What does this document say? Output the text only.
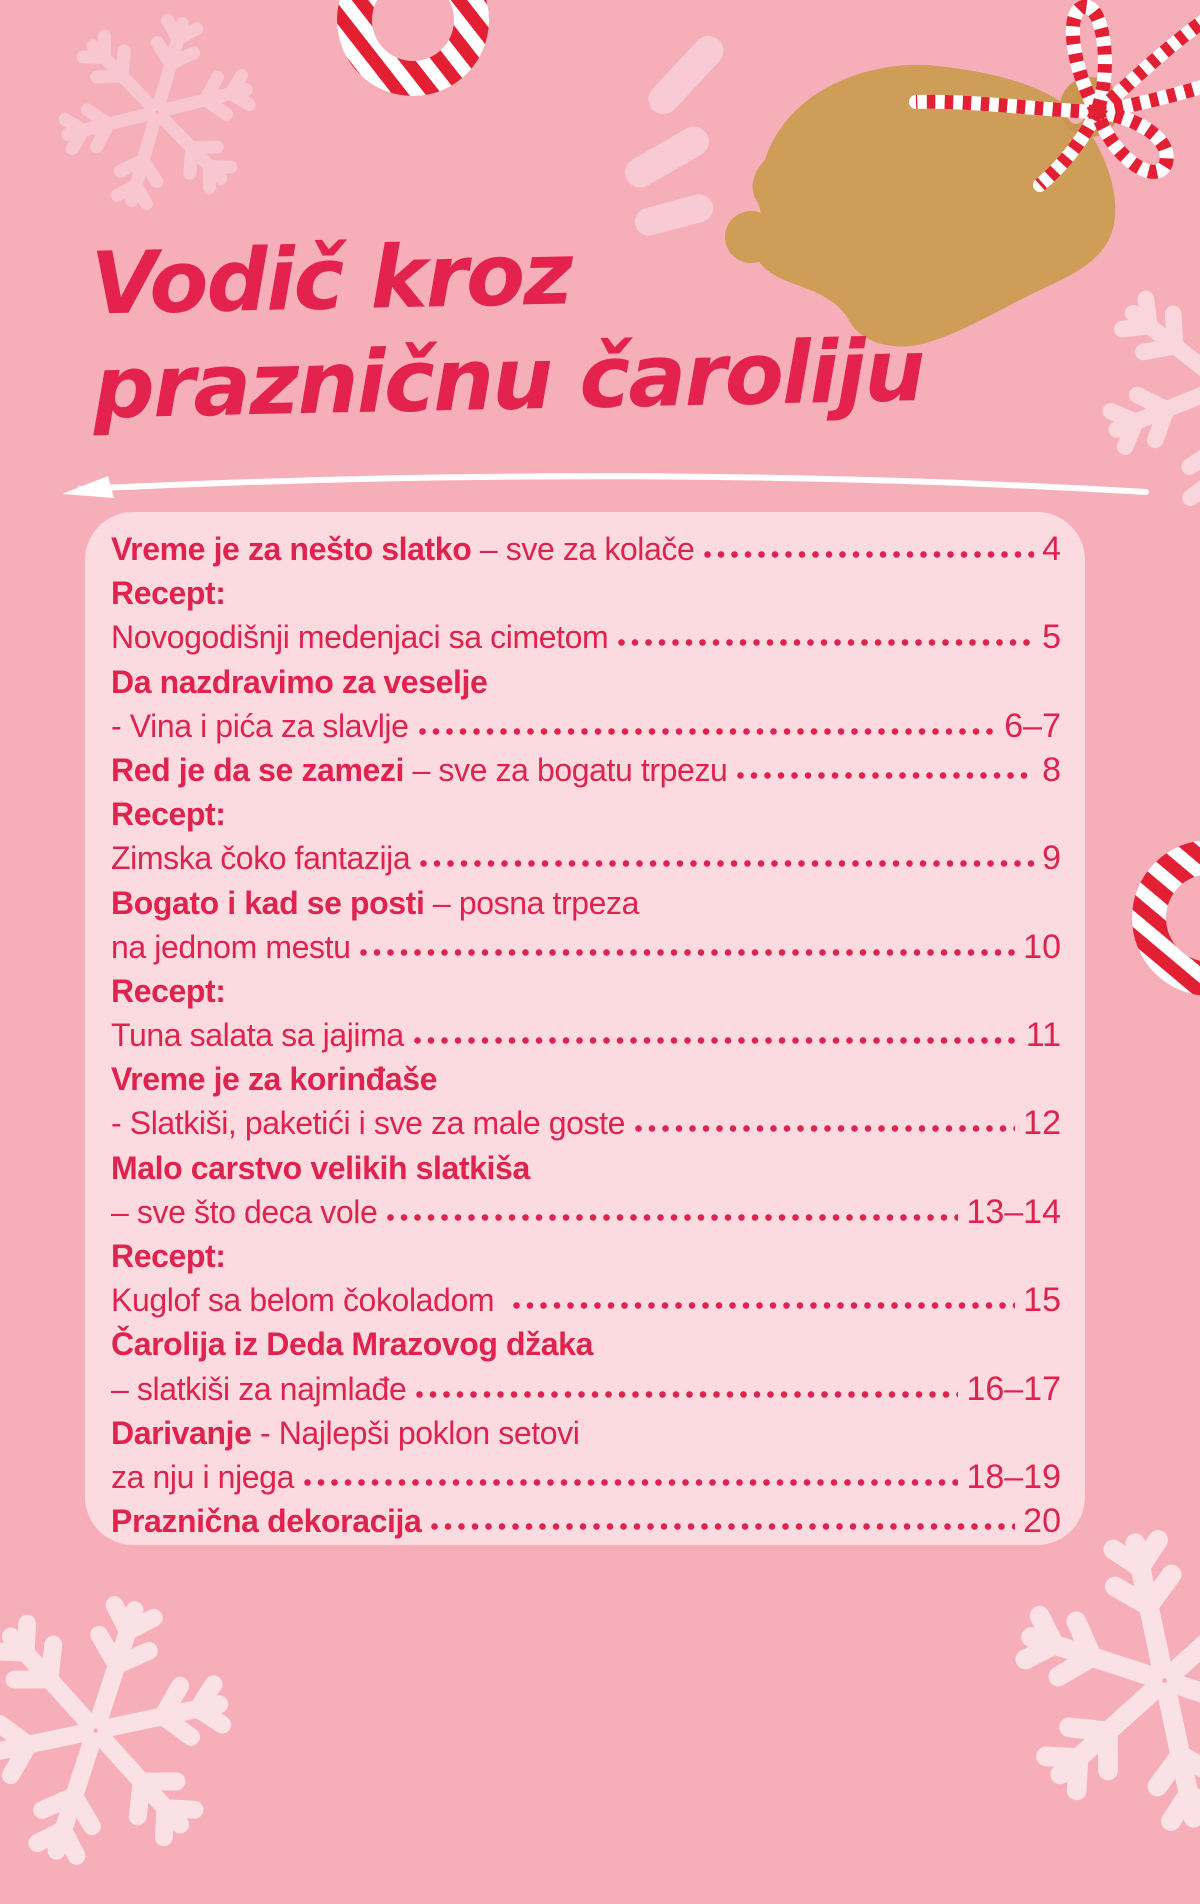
Vodič kroz
prazničnu čaroliju
Vreme je za nešto slatko – sve za kolače	4
Recept:
Novogodišnji medenjaci sa cimetom	5
Da nazdravimo za veselje
- Vina i pića za slavlje	6–7
Red je da se zamezi – sve za bogatu trpezu	8
Recept:
Zimska čoko fantazija	9
Bogato i kad se posti – posna trpeza
na jednom mestu	10
Recept:
Tuna salata sa jajima	11
Vreme je za korinđaše
- Slatkiši, paketići i sve za male goste	12
Malo carstvo velikih slatkiša
– sve što deca vole	13–14
Recept:
Kuglof sa belom čokoladom	15
Čarolija iz Deda Mrazovog džaka
– slatkiši za najmlađe	16–17
Darivanje - Najlepši poklon setovi
za nju i njega	18–19
Praznična dekoracija	20
